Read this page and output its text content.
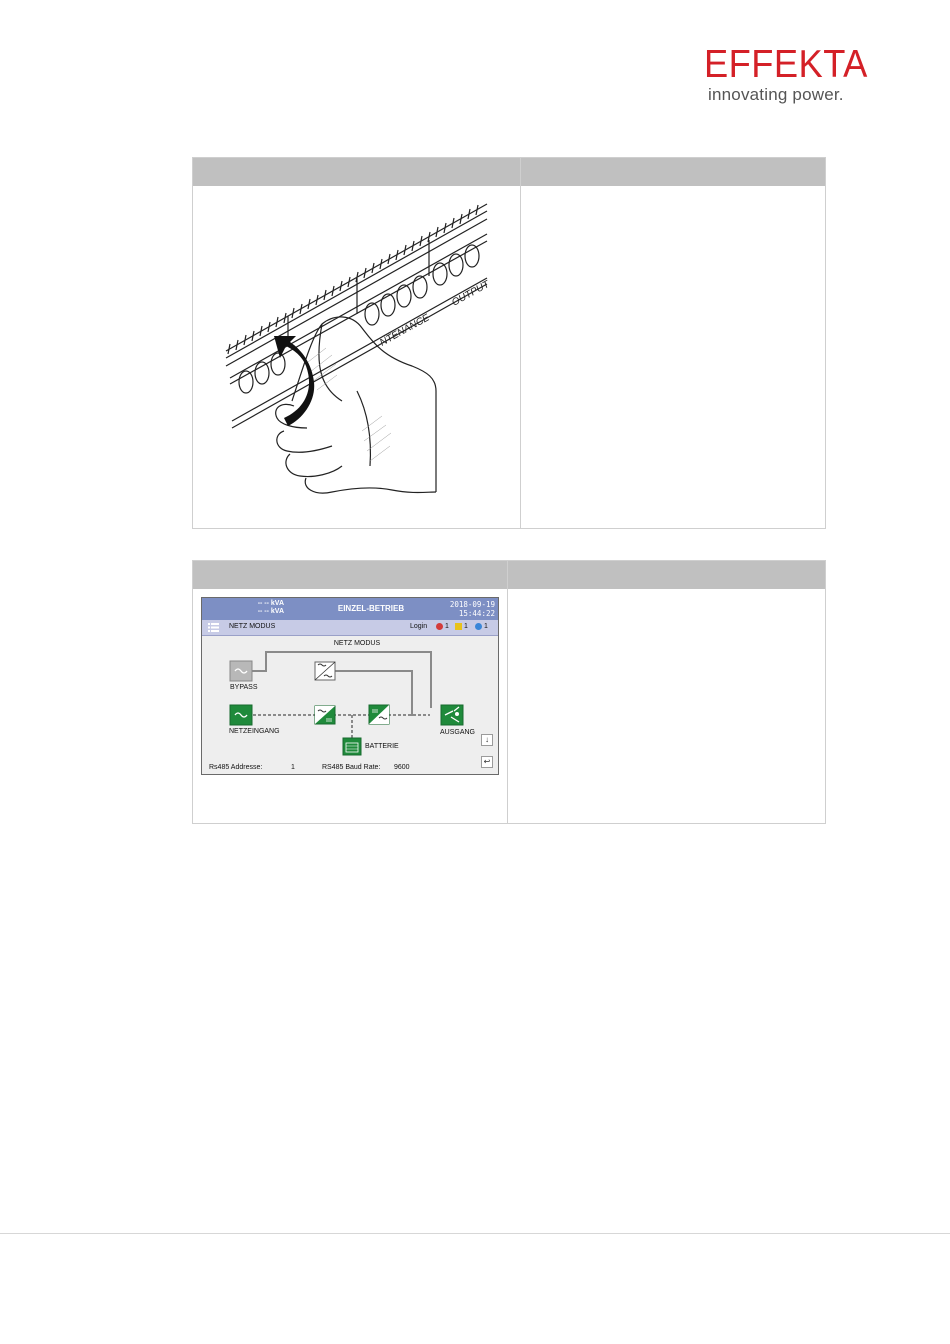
EFFEKTA
innovating power.
NTENANCE
OUTPUT
-- -- kVA
-- -- kVA	EINZEL-BETRIEB	2018-09-19
15:44:22
NETZ MODUS	Login	1 1 1
NETZ MODUS
BYPASS
NETZEINGANG
BATTERIE
AUSGANG
↓
↩
Rs485 Addresse:	1	RS485 Baud Rate: 9600
